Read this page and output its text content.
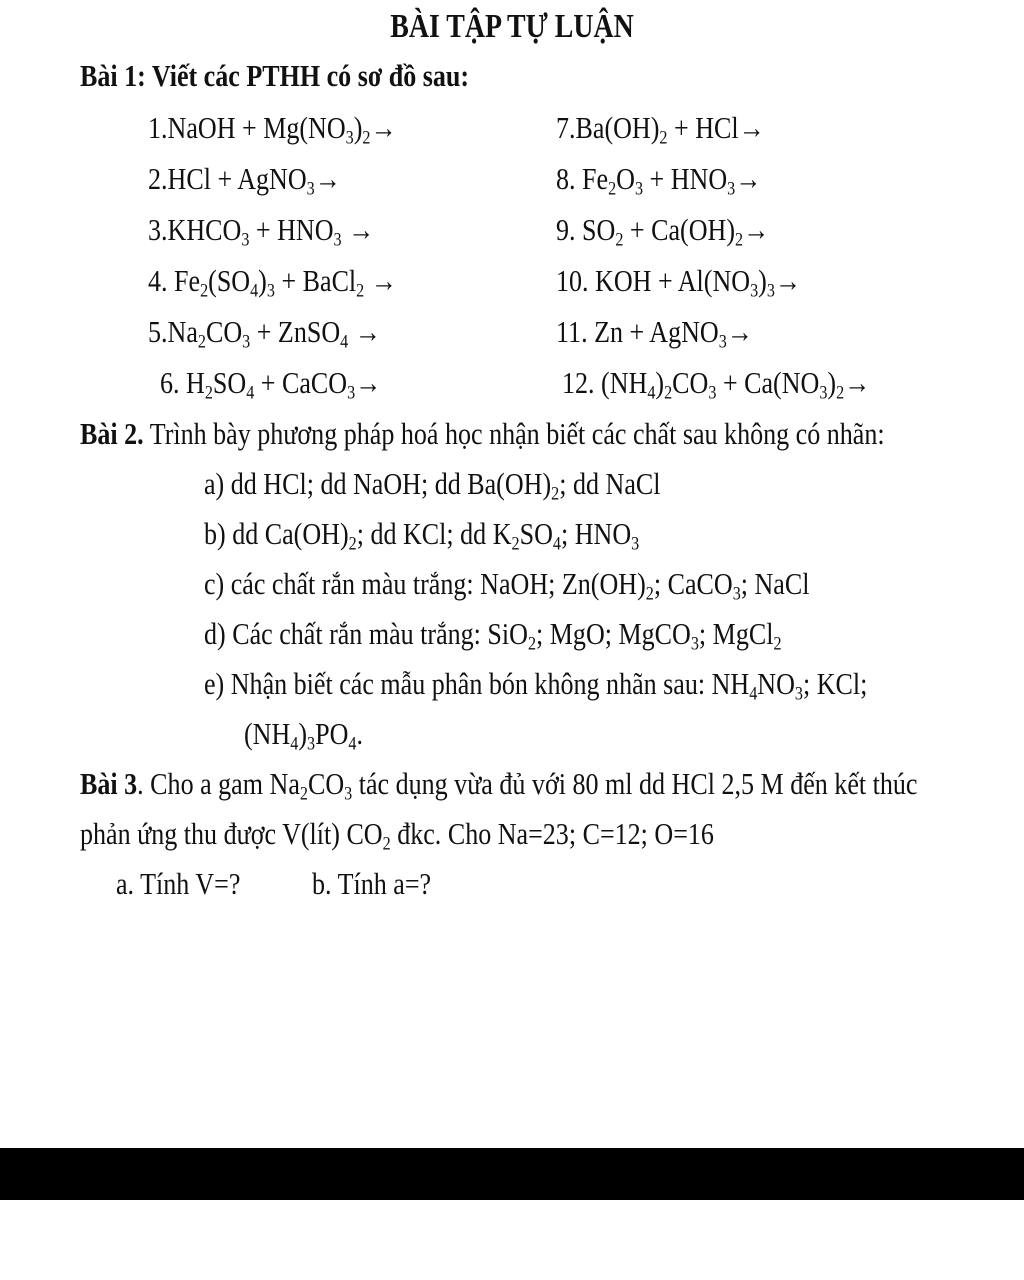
BÀI TẬP TỰ LUẬN
Bài 1: Viết các PTHH có sơ đồ sau:
1.NaOH + $Mg(NO_3)_2\to$
2.HCl + AgNO$_3$→
$3.KHCO_3 + HNO_3$ →
4. $Fe_2(SO_4)_3$ + BaCl$_2$ →
$5.Na_2CO_3$ + ZnSO$_4$ →
6. $H_2SO_4$ + CaCO$_3$→
$7.Ba(OH)_2 + HCl\to$
8. $Fe_2O_3 + HNO_3\to$
9. $SO_2 + Ca(OH)_2\to$
10. KOH + $Al(NO_3)_3\to$
11. Zn + AgNO$_3$→
12. $(NH_4)_2CO_3 + Ca(NO_3)_2\to$
Bài 2. Trình bày phương pháp hoá học nhận biết các chất sau không có nhãn:
a) dd HCl; dd NaOH; dd $Ba(OH)_2$; dd NaCl
b) dd $Ca(OH)_2$; dd KCl; dd $K_2SO_4$; $HNO_3$
c) các chất rắn màu trắng: NaOH; $Zn(OH)_2$; CaCO$_3$; NaCl
d) Các chất rắn màu trắng: SiO$_2$; MgO; MgCO$_3$; MgCl$_2$
e) Nhận biết các mẫu phân bón không nhãn sau: $NH_4NO_3$; KCl;
$(NH_4)_3PO_4$.
Bài 3. Cho a gam $Na_2CO_3$ tác dụng vừa đủ với 80 ml dd HCl 2,5 M đến kết thúc
phản ứng thu được V(lít) $CO_2$ đkc. Cho Na=23; C=12; O=16
a. Tính V=? b. Tính a=?
